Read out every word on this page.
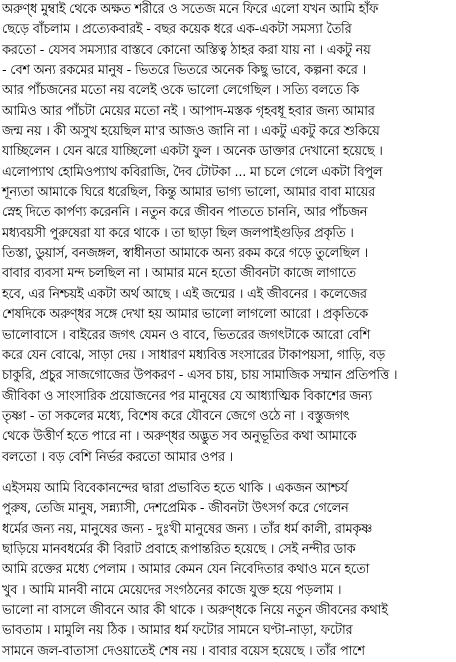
অরুণ্ধ মুম্বাই থেকে অক্ষত শরীরে ও সতেজ মনে ফিরে এলো যখন আমি হাঁফ
ছেড়ে বাঁচলাম । প্রত্যেকবারই - বছর কয়েক ধরে এক-একটা সমস্যা তৈরি
করতো - যেসব সমস্যার বাস্তবে কোনো অস্তিত্ব ঠাহর করা যায় না । একটু নয়
- বেশ অন্য রকমের মানুষ - ভিতরে ভিতরে অনেক কিছু ভাবে, কল্পনা করে ।
আর পাঁচজনের মতো নয় বলেই ওকে ভালো লেগেছিল । সত্যি বলতে কি
আমিও আর পাঁচটা মেয়ের মতো নই । আপাদ-মস্তক গৃহবধূ হবার জন্য আমার
জন্ম নয় । কী অসুখ হয়েছিল মা'র আজও জানি না । একটু একটু করে শুকিয়ে
যাচ্ছিলেন । যেন ঝরে যাচ্ছিলো একটা ফুল । অনেক ডাক্তার দেখানো হয়েছে ।
এলোপ্যাথ হোমিওপ্যাথ কবিরাজি, দৈব টোটকা ... মা চলে গেলে একটা বিপুল
শূন্যতা আমাকে ঘিরে ধরেছিল, কিন্তু আমার ভাগ্য ভালো, আমার বাবা মায়ের
স্নেহ দিতে কার্পণ্য করেননি । নতুন করে জীবন পাততে চাননি, আর পাঁচজন
মধ্যবয়সী পুরুষেরা যা করে থাকে । তা ছাড়া ছিল জলপাইগুড়ির প্রকৃতি ।
তিস্তা, ডুয়ার্স, বনজঙ্গল, স্বাধীনতা আমাকে অন্য রকম করে গড়ে তুলেছিল ।
বাবার ব্যবসা মন্দ চলছিল না । আমার মনে হতো জীবনটা কাজে লাগাতে
হবে, এর নিশ্চয়ই একটা অর্থ আছে । এই জন্মের । এই জীবনের । কলেজের
শেষদিকে অরুণ্ধর সঙ্গে দেখা হয় আমার ভালো লাগলো আরো । প্রকৃতিকে
ভালোবাসে । বাইরের জগৎ যেমন ও বাবে, ভিতরের জগৎটাকে আরো বেশি
করে যেন বোঝে, সাড়া দেয় । সাধারণ মধ্যবিত্ত সংসারের টাকাপয়সা, গাড়ি, বড়
চাকুরি, প্রচুর সাজগোজের উপকরণ - এসব চায়, চায় সামাজিক সম্মান প্রতিপত্তি ।
জীবিকা ও সাংসারিক প্রয়োজনের পর মানুষের যে আধ্যাত্মিক বিকাশের জন্য
তৃষ্ণা - তা সকলের মধ্যে, বিশেষ করে যৌবনে জেগে ওঠে না । বস্তুজগৎ
থেকে উত্তীর্ণ হতে পারে না । অরুণ্ধর অদ্ভুত সব অনুভূতির কথা আমাকে
বলতো । বড় বেশি নির্ভর করতো আমার ওপর ।
এইসময় আমি বিবেকানন্দের দ্বারা প্রভাবিত হতে থাকি । একজন আশ্চর্য
পুরুষ, তেজি মানুষ, সন্ন্যাসী, দেশপ্রেমিক - জীবনটা উৎসর্গ করে গেলেন
ধর্মের জন্য নয়, মানুষের জন্য - দুঃখী মানুষের জন্য । তাঁর ধর্ম কালী, রামকৃষ্ণ
ছাড়িয়ে মানবধর্মের কী বিরাট প্রবাহে রূপান্তরিত হয়েছে । সেই নন্দীর ডাক
আমি রক্তের মধ্যে পেলাম । আমার কেমন যেন নিবেদিতার কথাও মনে হতো
খুব । আমি মানবী নামে মেয়েদের সংগঠনের কাজে যুক্ত হয়ে পড়লাম ।
ভালো না বাসলে জীবনে আর কী থাকে । অরুণ্ধকে নিয়ে নতুন জীবনের কথাই
ভাবতাম । মামুলি নয় ঠিক । আমার ধর্ম ফটোর সামনে ঘণ্টা-নাড়া, ফটোর
সামনে জল-বাতাসা দেওয়াতেই শেষ নয় । বাবার বয়েস হয়েছে । তাঁর পাশে
